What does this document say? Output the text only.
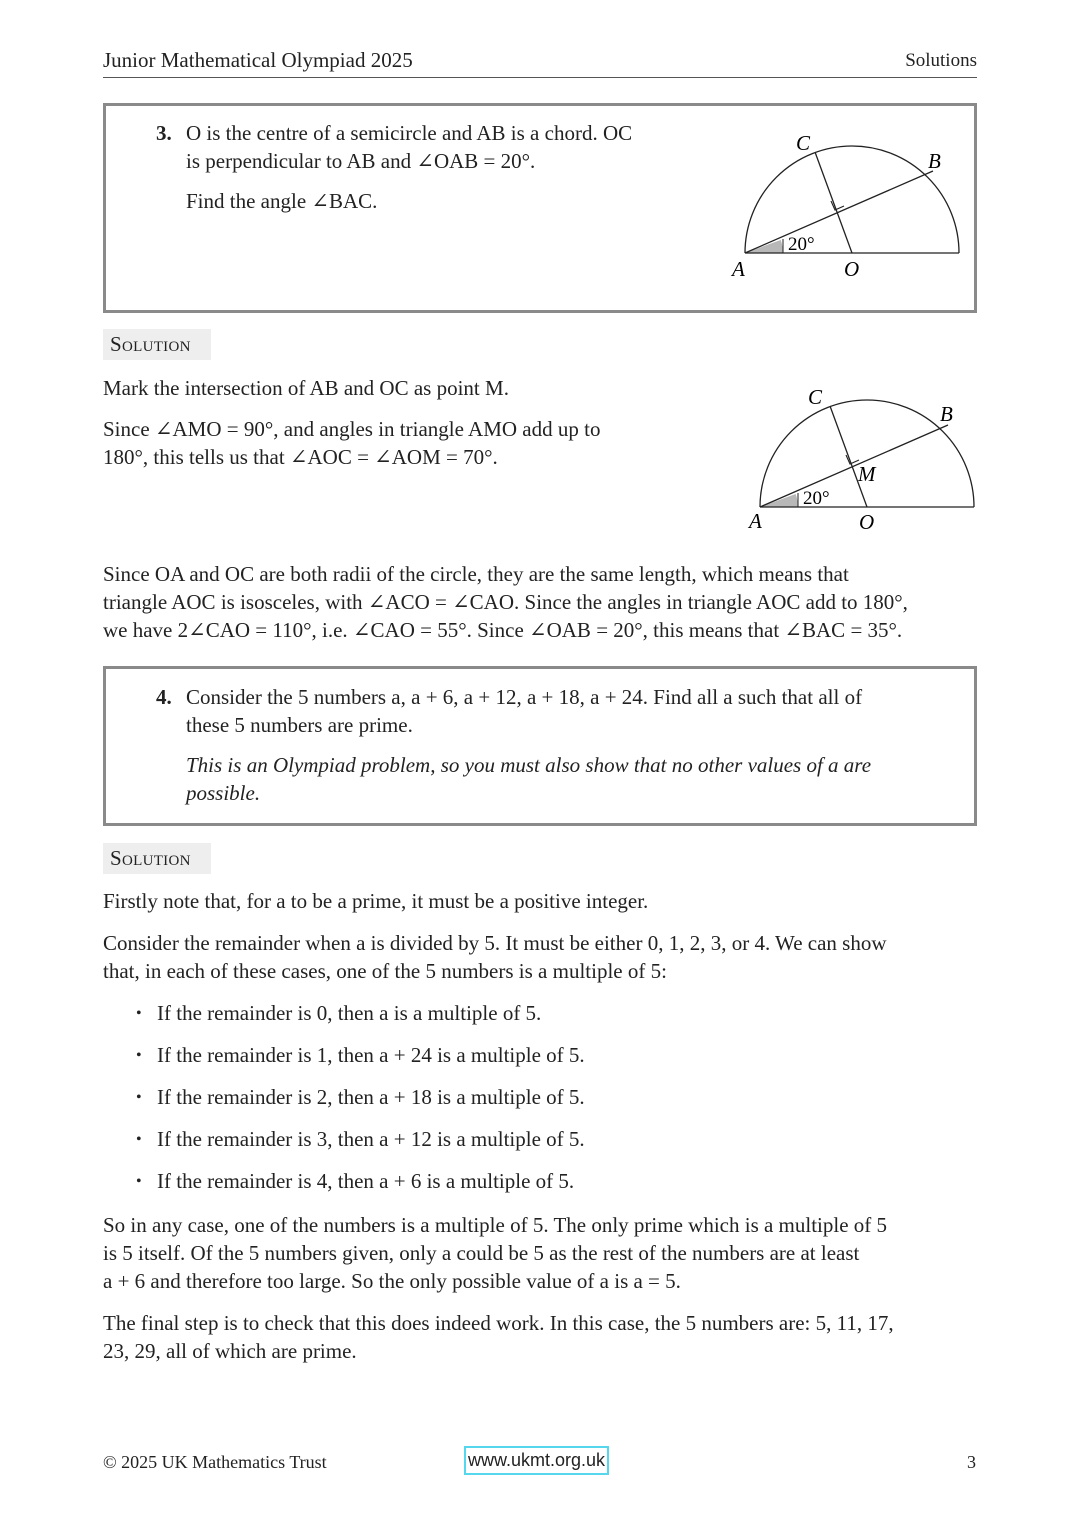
Junior Mathematical Olympiad 2025	Solutions
3. O is the centre of a semicircle and AB is a chord. OC

is perpendicular to AB and ∠OAB = 20°.

Find the angle ∠BAC.

C
B
A	O
20°
Solution

Mark the intersection of AB and OC as point M.

Since ∠AMO = 90°, and angles in triangle AMO add up to

180°, this tells us that ∠AOC = ∠AOM = 70°.

C
B
M
A	O
20°

Since OA and OC are both radii of the circle, they are the same length, which means that

triangle AOC is isosceles, with ∠ACO = ∠CAO. Since the angles in triangle AOC add to 180°,

we have 2∠CAO = 110°, i.e. ∠CAO = 55°. Since ∠OAB = 20°, this means that ∠BAC = 35°.

4. Consider the 5 numbers a, a + 6, a + 12, a + 18, a + 24. Find all a such that all of

these 5 numbers are prime.

This is an Olympiad problem, so you must also show that no other values of a are

possible.

Solution

Firstly note that, for a to be a prime, it must be a positive integer.

Consider the remainder when a is divided by 5. It must be either 0, 1, 2, 3, or 4. We can show

that, in each of these cases, one of the 5 numbers is a multiple of 5:

• If the remainder is 0, then a is a multiple of 5.

• If the remainder is 1, then a + 24 is a multiple of 5.

• If the remainder is 2, then a + 18 is a multiple of 5.

• If the remainder is 3, then a + 12 is a multiple of 5.

• If the remainder is 4, then a + 6 is a multiple of 5.

So in any case, one of the numbers is a multiple of 5. The only prime which is a multiple of 5

is 5 itself. Of the 5 numbers given, only a could be 5 as the rest of the numbers are at least

a + 6 and therefore too large. So the only possible value of a is a = 5.

The final step is to check that this does indeed work. In this case, the 5 numbers are: 5, 11, 17,

23, 29, all of which are prime.

© 2025 UK Mathematics Trust	www.ukmt.org.uk	3
